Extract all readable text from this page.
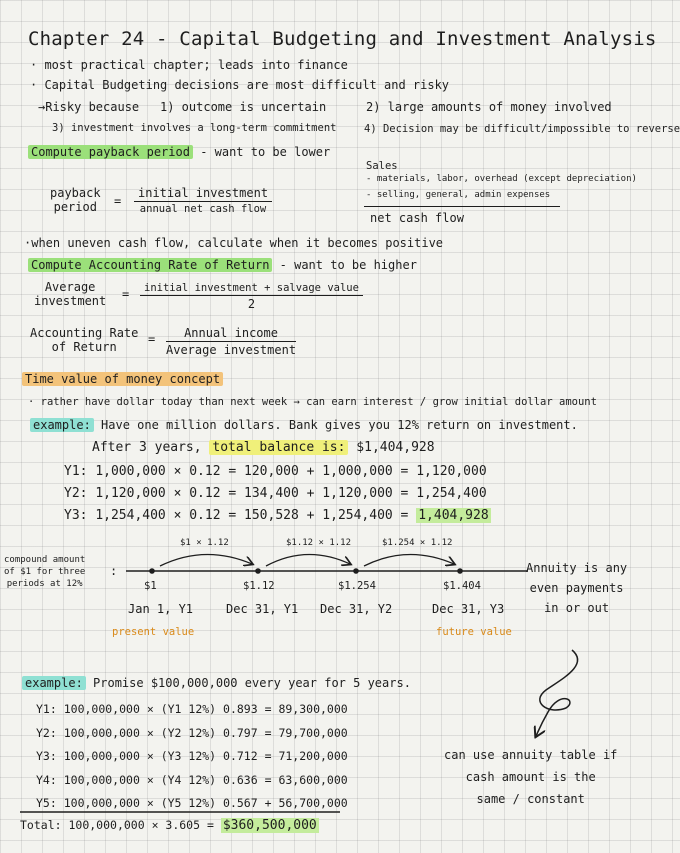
Chapter 24 - Capital Budgeting and Investment Analysis
· most practical chapter; leads into finance
· Capital Budgeting decisions are most difficult and risky
→Risky because 1) outcome is uncertain	2) large amounts of money involved
3) investment involves a long-term commitment	4) Decision may be difficult/impossible to reverse
Compute payback period - want to be lower
Sales
- materials, labor, overhead (except depreciation)
- selling, general, admin expenses
net cash flow
payback
period	=
initial investment
annual net cash flow
·when uneven cash flow, calculate when it becomes positive
Compute Accounting Rate of Return - want to be higher
Average
investment =	initial investment + salvage value
2
Accounting Rate
of Return
=	Annual income
Average investment
Time value of money concept
· rather have dollar today than next week → can earn interest / grow initial dollar amount
example: Have one million dollars. Bank gives you 12% return on investment.
After 3 years, total balance is: $1,404,928
Y1: 1,000,000 × 0.12 = 120,000 + 1,000,000 = 1,120,000
Y2: 1,120,000 × 0.12 = 134,400 + 1,120,000 = 1,254,400
Y3: 1,254,400 × 0.12 = 150,528 + 1,254,400 = 1,404,928
compound amount
of $1 for three
periods at 12%
:
$1 × 1.12	$1.12 × 1.12	$1.254 × 1.12
$1	$1.12	$1.254	$1.404
Jan 1, Y1	Dec 31, Y1 Dec 31, Y2	Dec 31, Y3
present value	future value
Annuity is any
even payments
in or out
can use annuity table if
cash amount is the
same / constant
example: Promise $100,000,000 every year for 5 years.
Y1: 100,000,000 × (Y1 12%) 0.893 = 89,300,000
Y2: 100,000,000 × (Y2 12%) 0.797 = 79,700,000
Y3: 100,000,000 × (Y3 12%) 0.712 = 71,200,000
Y4: 100,000,000 × (Y4 12%) 0.636 = 63,600,000
Y5: 100,000,000 × (Y5 12%) 0.567 + 56,700,000
Total: 100,000,000 × 3.605 = $360,500,000
